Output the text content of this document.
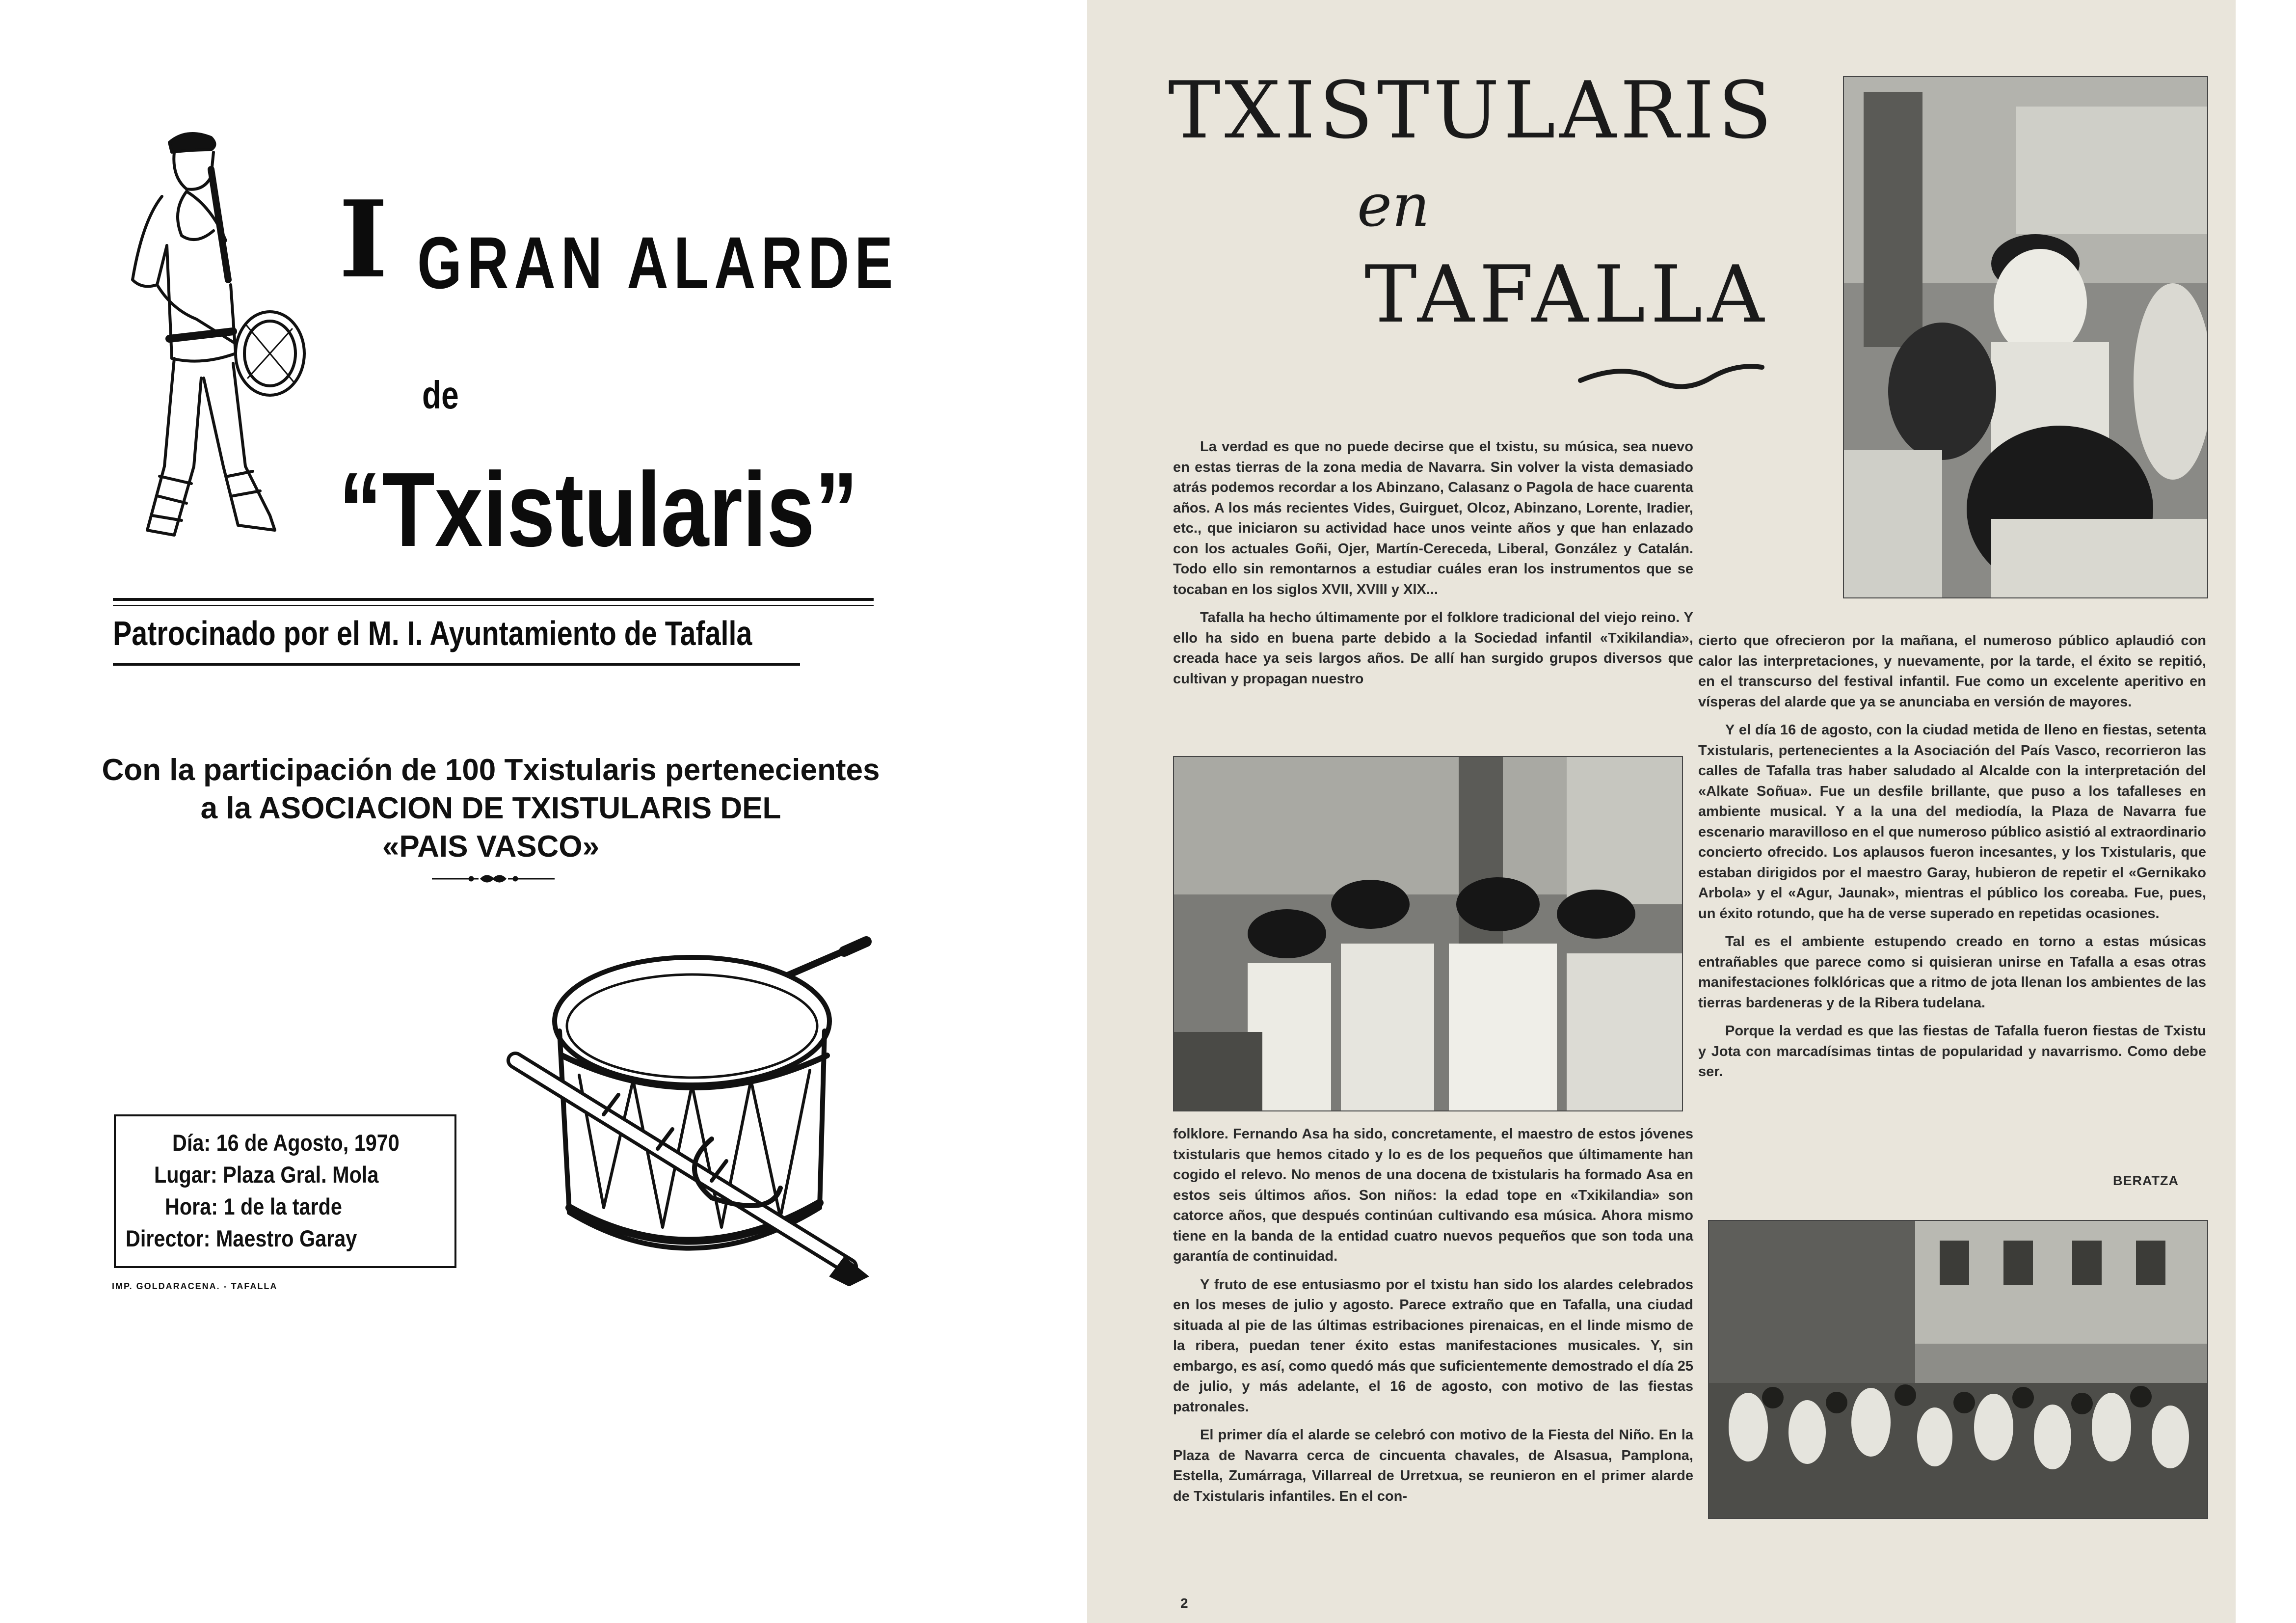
I GRAN ALARDE
de
“Txistularis”
Patrocinado por el M. I. Ayuntamiento de Tafalla
Con la participación de 100 Txistularis pertenecientes
a la ASOCIACION DE TXISTULARIS DEL
«PAIS VASCO»
Día: 16 de Agosto, 1970
Lugar: Plaza Gral. Mola
Hora: 1 de la tarde
Director: Maestro Garay
IMP. GOLDARACENA. - TAFALLA
TXISTULARIS
en
TAFALLA

La verdad es que no puede decirse que el txistu, su música, sea nuevo en estas tierras de la zona media de Navarra. Sin volver la vista demasiado atrás podemos recordar a los Abinzano, Calasanz o Pagola de hace cuarenta años. A los más recientes Vides, Guirguet, Olcoz, Abinzano, Lorente, Iradier, etc., que iniciaron su actividad hace unos veinte años y que han enlazado con los actuales Goñi, Ojer, Martín-Cereceda, Liberal, González y Catalán. Todo ello sin remontarnos a estudiar cuáles eran los instrumentos que se tocaban en los siglos XVII, XVIII y XIX...

Tafalla ha hecho últimamente por el folklore tradicional del viejo reino. Y ello ha sido en buena parte debido a la Sociedad infantil «Txikilandia», creada hace ya seis largos años. De allí han surgido grupos diversos que cultivan y propagan nuestro

folklore. Fernando Asa ha sido, concretamente, el maestro de estos jóvenes txistularis que hemos citado y lo es de los pequeños que últimamente han cogido el relevo. No menos de una docena de txistularis ha formado Asa en estos seis últimos años. Son niños: la edad tope en «Txikilandia» son catorce años, que después continúan cultivando esa música. Ahora mismo tiene en la banda de la entidad cuatro nuevos pequeños que son toda una garantía de continuidad.

Y fruto de ese entusiasmo por el txistu han sido los alardes celebrados en los meses de julio y agosto. Parece extraño que en Tafalla, una ciudad situada al pie de las últimas estribaciones pirenaicas, en el linde mismo de la ribera, puedan tener éxito estas manifestaciones musicales. Y, sin embargo, es así, como quedó más que suficientemente demostrado el día 25 de julio, y más adelante, el 16 de agosto, con motivo de las fiestas patronales.

El primer día el alarde se celebró con motivo de la Fiesta del Niño. En la Plaza de Navarra cerca de cincuenta chavales, de Alsasua, Pamplona, Estella, Zumárraga, Villarreal de Urretxua, se reunieron en el primer alarde de Txistularis infantiles. En el con-

cierto que ofrecieron por la mañana, el numeroso público aplaudió con calor las interpretaciones, y nuevamente, por la tarde, el éxito se repitió, en el transcurso del festival infantil. Fue como un excelente aperitivo en vísperas del alarde que ya se anunciaba en versión de mayores.

Y el día 16 de agosto, con la ciudad metida de lleno en fiestas, setenta Txistularis, pertenecientes a la Asociación del País Vasco, recorrieron las calles de Tafalla tras haber saludado al Alcalde con la interpretación del «Alkate Soñua». Fue un desfile brillante, que puso a los tafalleses en ambiente musical. Y a la una del mediodía, la Plaza de Navarra fue escenario maravilloso en el que numeroso público asistió al extraordinario concierto ofrecido. Los aplausos fueron incesantes, y los Txistularis, que estaban dirigidos por el maestro Garay, hubieron de repetir el «Gernikako Arbola» y el «Agur, Jaunak», mientras el público los coreaba. Fue, pues, un éxito rotundo, que ha de verse superado en repetidas ocasiones.

Tal es el ambiente estupendo creado en torno a estas músicas entrañables que parece como si quisieran unirse en Tafalla a esas otras manifestaciones folklóricas que a ritmo de jota llenan los ambientes de las tierras bardeneras y de la Ribera tudelana.

Porque la verdad es que las fiestas de Tafalla fueron fiestas de Txistu y Jota con marcadísimas tintas de popularidad y navarrismo. Como debe ser.

BERATZA
2
